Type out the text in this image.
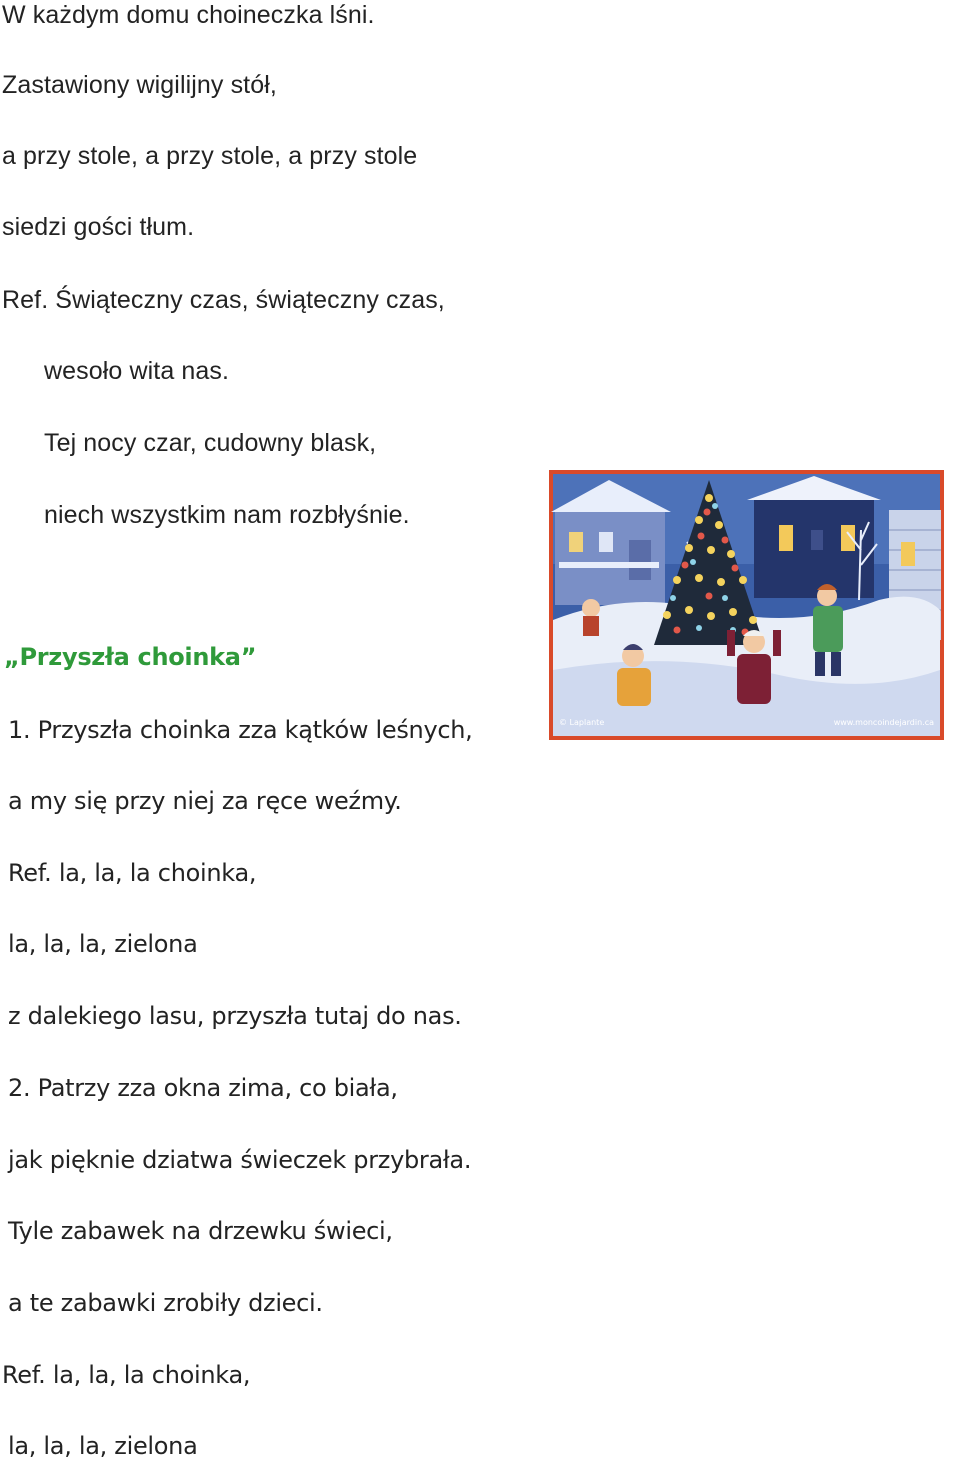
W każdym domu choineczka lśni.
Zastawiony wigilijny stół,
a przy stole, a przy stole, a przy stole
siedzi gości tłum.
Ref. Świąteczny czas, świąteczny czas,
wesoło wita nas.
Tej nocy czar, cudowny blask,
niech wszystkim nam rozbłyśnie.
„Przyszła choinka”
1. Przyszła choinka zza kątków leśnych,
a my się przy niej za ręce weźmy.
Ref. la, la, la choinka,
la, la, la, zielona
z dalekiego lasu, przyszła tutaj do nas.
2. Patrzy zza okna zima, co biała,
jak pięknie dziatwa świeczek przybrała.
Tyle zabawek na drzewku świeci,
a te zabawki zrobiły dzieci.
Ref. la, la, la choinka,
la, la, la, zielona
© Laplante	www.moncoindejardin.ca
